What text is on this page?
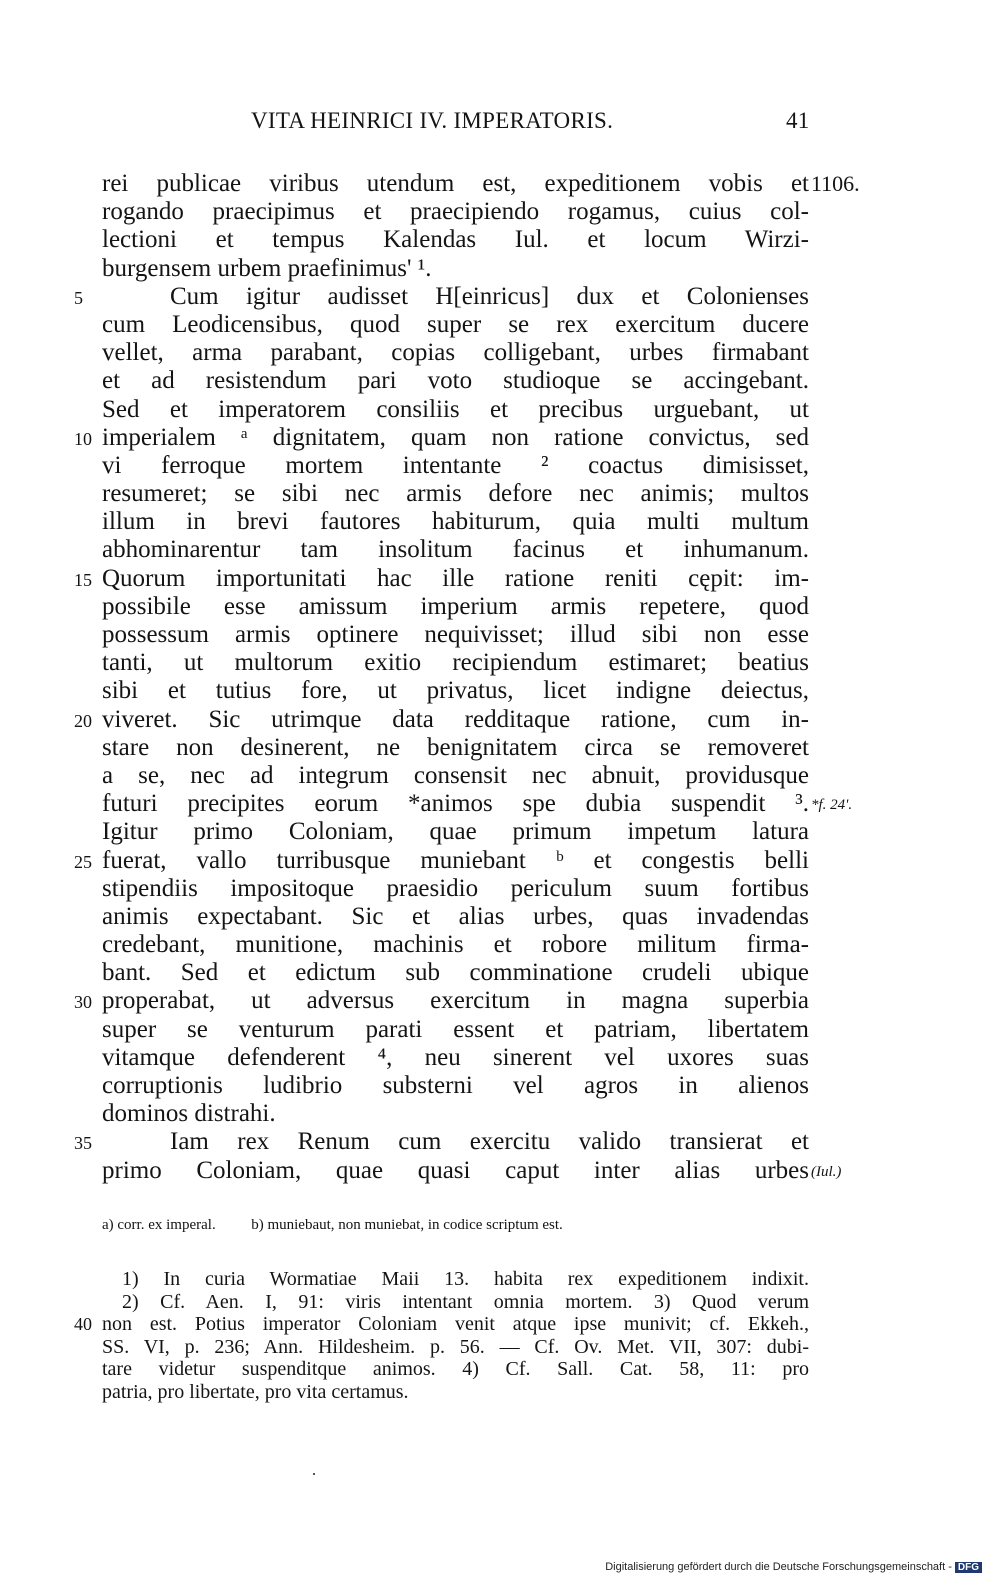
VITA HEINRICI IV. IMPERATORIS.	41
rei publicae viribus utendum est, expeditionem vobis et 1106.
rogando praecipimus et praecipiendo rogamus, cuius col-
lectioni et tempus Kalendas Iul. et locum Wirzi-
burgensem urbem praefinimus' ¹.
5	Cum igitur audisset H[einricus] dux et Colonienses
cum Leodicensibus, quod super se rex exercitum ducere
vellet, arma parabant, copias colligebant, urbes firmabant
et ad resistendum pari voto studioque se accingebant.
Sed et imperatorem consiliis et precibus urguebant, ut
10 imperialem ᵃ dignitatem, quam non ratione convictus, sed
vi ferroque mortem intentante ² coactus dimisisset,
resumeret; se sibi nec armis defore nec animis; multos
illum in brevi fautores habiturum, quia multi multum
abhominarentur tam insolitum facinus et inhumanum.
15 Quorum importunitati hac ille ratione reniti cępit: im-
possibile esse amissum imperium armis repetere, quod
possessum armis optinere nequivisset; illud sibi non esse
tanti, ut multorum exitio recipiendum estimaret; beatius
sibi et tutius fore, ut privatus, licet indigne deiectus,
20 viveret. Sic utrimque data redditaque ratione, cum in-
stare non desinerent, ne benignitatem circa se removeret
a se, nec ad integrum consensit nec abnuit, providusque
futuri precipites eorum *animos spe dubia suspendit ³. *f. 24'.
Igitur primo Coloniam, quae primum impetum latura
25 fuerat, vallo turribusque muniebant ᵇ et congestis belli
stipendiis impositoque praesidio periculum suum fortibus
animis expectabant. Sic et alias urbes, quas invadendas
credebant, munitione, machinis et robore militum firma-
bant. Sed et edictum sub comminatione crudeli ubique
30 properabat, ut adversus exercitum in magna superbia
super se venturum parati essent et patriam, libertatem
vitamque defenderent ⁴, neu sinerent vel uxores suas
corruptionis ludibrio substerni vel agros in alienos
dominos distrahi.
35	Iam rex Renum cum exercitu valido transierat et
primo Coloniam, quae quasi caput inter alias urbes (Iul.)
a) corr. ex imperal. b) muniebaut, non muniebat, in codice scriptum est.
1) In curia Wormatiae Maii 13. habita rex expeditionem indixit.
2) Cf. Aen. I, 91: viris intentant omnia mortem. 3) Quod verum
40 non est. Potius imperator Coloniam venit atque ipse munivit; cf. Ekkeh.,
SS. VI, p. 236; Ann. Hildesheim. p. 56. — Cf. Ov. Met. VII, 307: dubi-
tare videtur suspenditque animos. 4) Cf. Sall. Cat. 58, 11: pro
patria, pro libertate, pro vita certamus.
Digitalisierung gefördert durch die Deutsche Forschungsgemeinschaft - DFG
